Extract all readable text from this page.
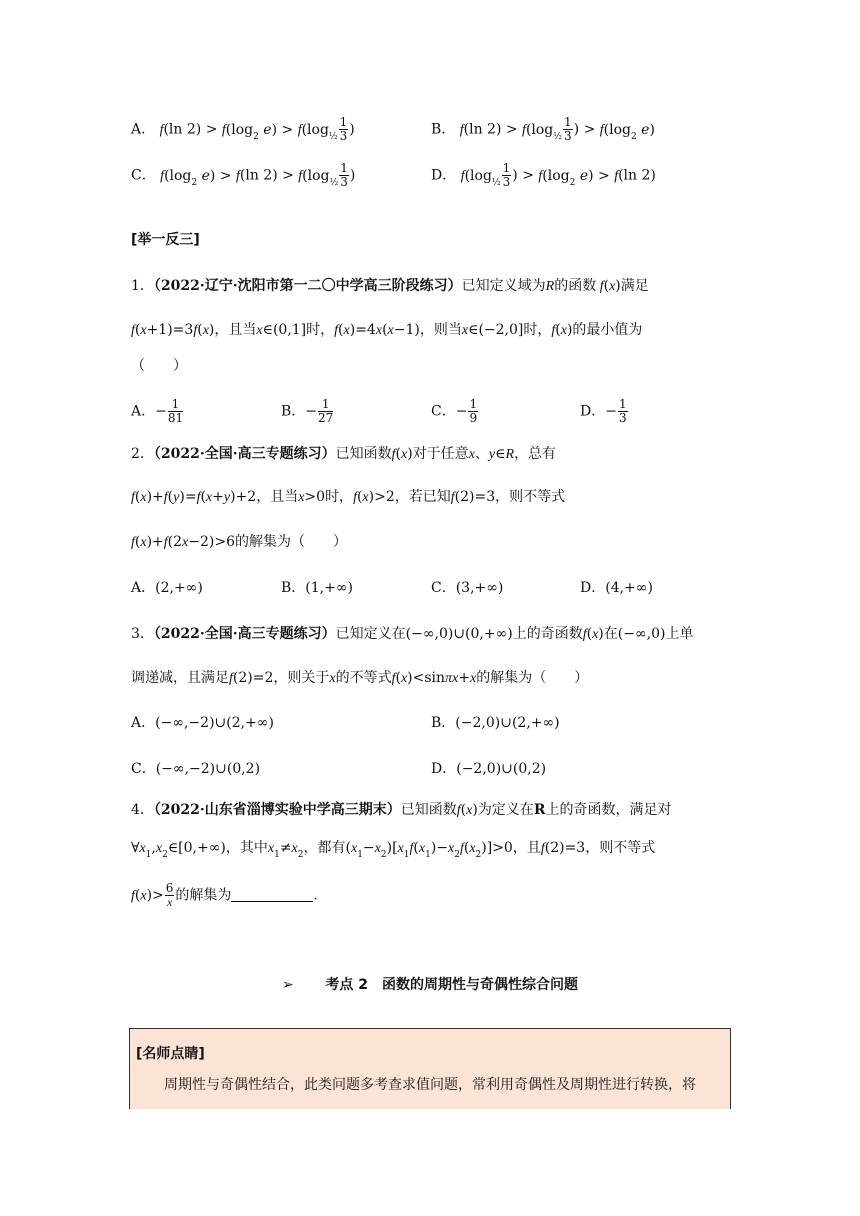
A． f(ln $2) > f(\log_2$ $e) > f(\log_{\frac{1}{2}} \frac{1}{3}$ )	B． f(ln $2) > f(\log_{\frac{1}{2}} \frac{1}{3}$ ) > $f(\log_2$ e)
C． $f(\log_2$ e) > f(ln $2) > f(\log_{\frac{1}{2}} \frac{1}{3}$ )	D． $f(\log_{\frac{1}{2}} \frac{1}{3}$ ) > $f(\log_2$ e) > f(ln 2)
[举一反三]
1．（2022·辽宁·沈阳市第一二〇中学高三阶段练习）已知定义域为R的函数 f(x)满足
f(x+1)=3f(x)，且当x∈(0,1]时，f(x)=4x(x−1)，则当x∈(−2,0]时，f(x)的最小值为
（　　）
A．− $\frac{1}{81}$	B．− $\frac{1}{27}$	C．− $\frac{1}{9}$	D．− $\frac{1}{3}$
2．（2022·全国·高三专题练习）已知函数f(x)对于任意x、y∈R，总有
f(x)+f(y)=f(x+y)+2，且当x>0时，f(x)>2，若已知f(2)=3，则不等式
f(x)+f(2x−2)>6的解集为（　　）
A．(2,+∞)	B．(1,+∞)	C．(3,+∞)	D．(4,+∞)
3．（2022·全国·高三专题练习）已知定义在(−∞,0)∪(0,+∞)上的奇函数f(x)在(−∞,0)上单
调递减，且满足f(2)=2，则关于x的不等式f(x)<sinπx+x的解集为（　　）
A．(−∞,−2)∪(2,+∞)	B．(−2,0)∪(2,+∞)
C．(−∞,−2)∪(0,2)	D．(−2,0)∪(0,2)
4．（2022·山东省淄博实验中学高三期末）已知函数f(x)为定义在R上的奇函数，满足对
$\forall x_1,x_2\in[0,+\infty)$，其中$x_1\ne x_2$，都有$(x_1-x_2)[x_1f(x_1)-x_2f(x_2)]>0$，且f(2)=3，则不等式
$f(x)> \frac{6}{x}$ 的解集为	.
➢ 考点 2　函数的周期性与奇偶性综合问题
[名师点睛]
周期性与奇偶性结合，此类问题多考查求值问题，常利用奇偶性及周期性进行转换，将
